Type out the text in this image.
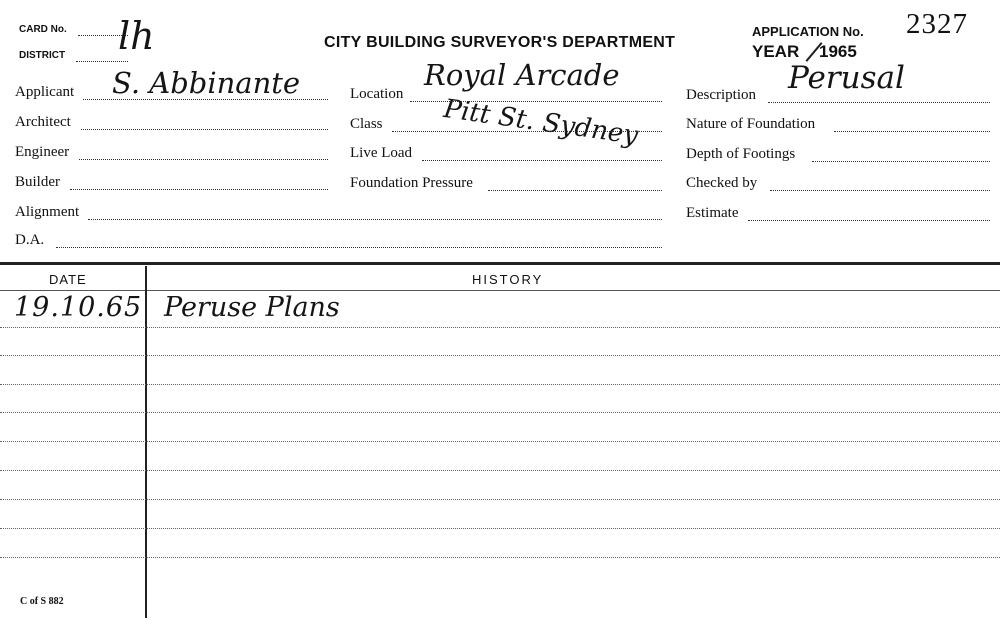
CARD No.
DISTRICT lh	CITY BUILDING SURVEYOR'S DEPARTMENT
APPLICATION No. 2327
YEAR 1965
Applicant S. Abbinante
Architect
Engineer
Builder
Alignment
D.A.
Location
Royal Arcade
Pitt St. Sydney
Class
Live Load
Foundation Pressure
Description Perusal
Nature of Foundation
Depth of Footings
Checked by
Estimate
DATE	HISTORY
19.10.65 Peruse Plans
C of S 882
